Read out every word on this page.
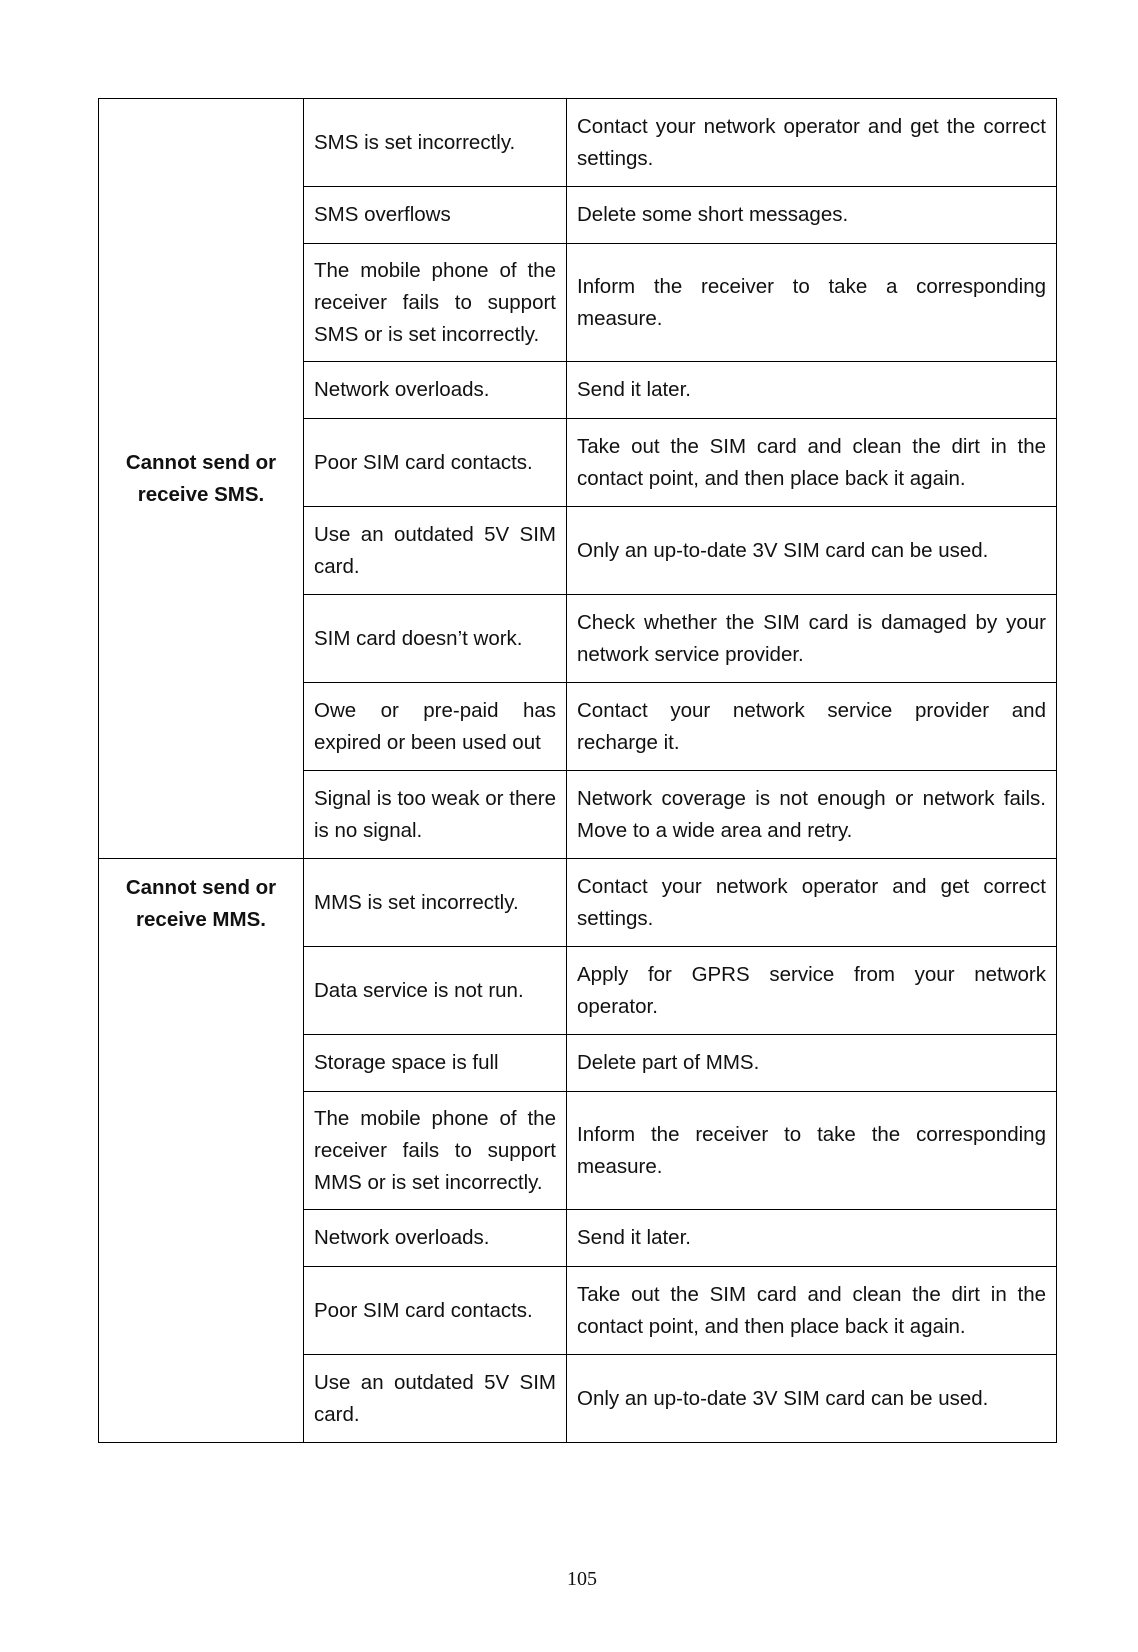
Cannot send or receive SMS.	SMS is set incorrectly.	Contact your network operator and get the correct settings.
	SMS overflows	Delete some short messages.
	The mobile phone of the receiver fails to support SMS or is set incorrectly.	Inform the receiver to take a corresponding measure.
	Network overloads.	Send it later.
	Poor SIM card contacts.	Take out the SIM card and clean the dirt in the contact point, and then place back it again.
	Use an outdated 5V SIM card.	Only an up-to-date 3V SIM card can be used.
	SIM card doesn’t work.	Check whether the SIM card is damaged by your network service provider.
	Owe or pre-paid has expired or been used out	Contact your network service provider and recharge it.
	Signal is too weak or there is no signal.	Network coverage is not enough or network fails. Move to a wide area and retry.
Cannot send or receive MMS.	MMS is set incorrectly.	Contact your network operator and get correct settings.
	Data service is not run.	Apply for GPRS service from your network operator.
	Storage space is full	Delete part of MMS.
	The mobile phone of the receiver fails to support MMS or is set incorrectly.	Inform the receiver to take the corresponding measure.
	Network overloads.	Send it later.
	Poor SIM card contacts.	Take out the SIM card and clean the dirt in the contact point, and then place back it again.
	Use an outdated 5V SIM card.	Only an up-to-date 3V SIM card can be used.
105
